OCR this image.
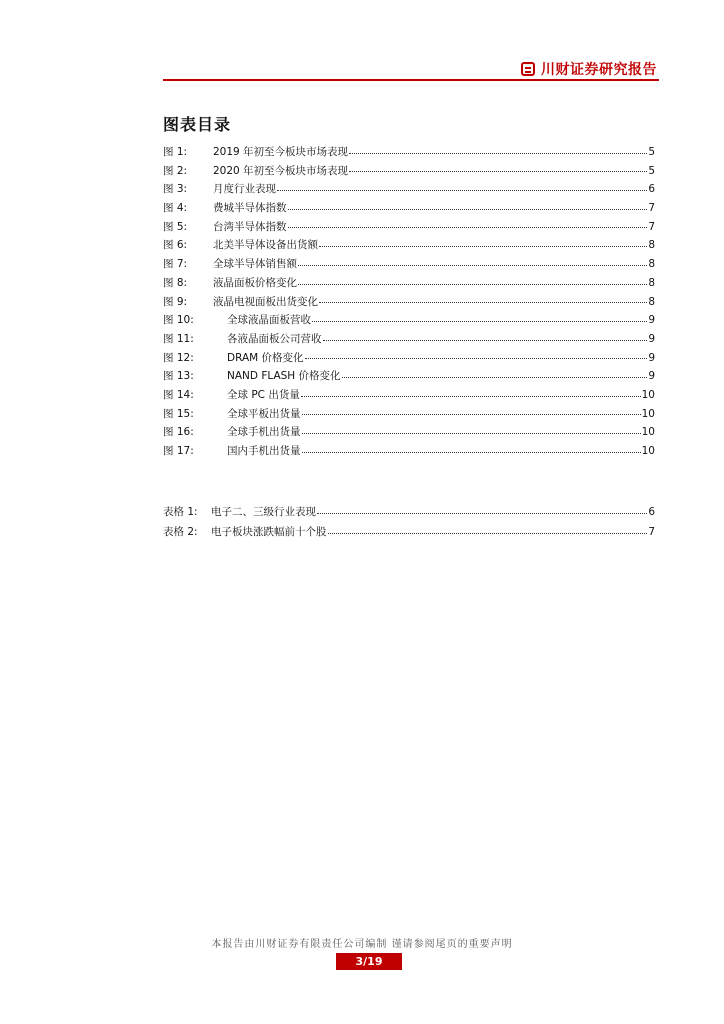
川财证券研究报告
图表目录
图 1:	2019 年初至今板块市场表现	5
图 2:	2020 年初至今板块市场表现	5
图 3:	月度行业表现	6
图 4:	费城半导体指数	7
图 5:	台湾半导体指数	7
图 6:	北美半导体设备出货额	8
图 7:	全球半导体销售额	8
图 8:	液晶面板价格变化	8
图 9:	液晶电视面板出货变化	8
图 10:	全球液晶面板营收	9
图 11:	各液晶面板公司营收	9
图 12:	DRAM 价格变化	9
图 13:	NAND FLASH 价格变化	9
图 14:	全球 PC 出货量	10
图 15:	全球平板出货量	10
图 16:	全球手机出货量	10
图 17:	国内手机出货量	10
表格 1:	电子二、三级行业表现	6
表格 2:	电子板块涨跌幅前十个股	7
本报告由川财证券有限责任公司编制 谨请参阅尾页的重要声明
3/19
